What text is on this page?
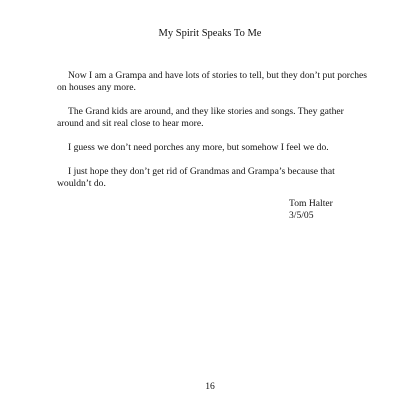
My Spirit Speaks To Me

Now I am a Grampa and have lots of stories to tell, but they don’t put porches on houses any more.

The Grand kids are around, and they like stories and songs. They gather around and sit real close to hear more.

I guess we don’t need porches any more, but somehow I feel we do.

I just hope they don’t get rid of Grandmas and Grampa’s because that wouldn’t do.

Tom Halter
3/5/05
16
